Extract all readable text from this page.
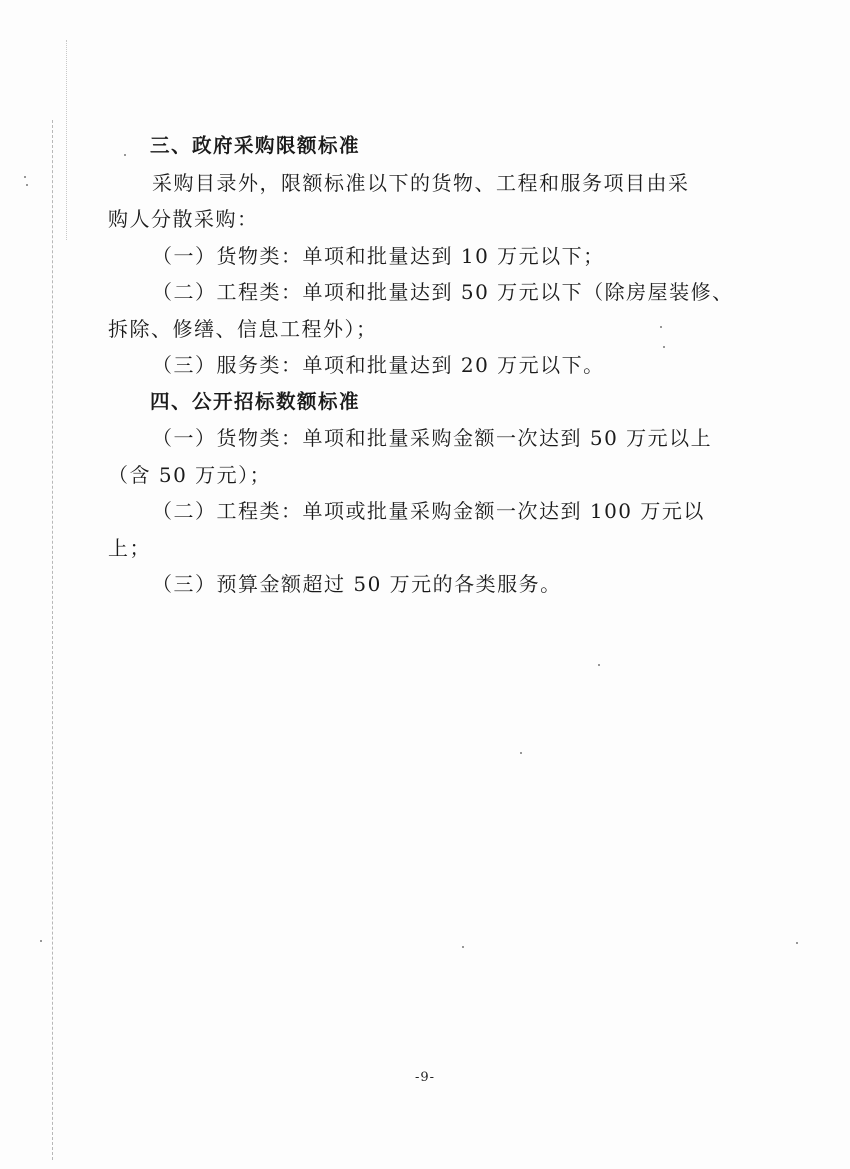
三、政府采购限额标准
采购目录外，限额标准以下的货物、工程和服务项目由采
购人分散采购：
（一）货物类：单项和批量达到 10 万元以下；
（二）工程类：单项和批量达到 50 万元以下（除房屋装修、
拆除、修缮、信息工程外）；
（三）服务类：单项和批量达到 20 万元以下。
四、公开招标数额标准
（一）货物类：单项和批量采购金额一次达到 50 万元以上
（含 50 万元）；
（二）工程类：单项或批量采购金额一次达到 100 万元以
上；
（三）预算金额超过 50 万元的各类服务。
-9-
